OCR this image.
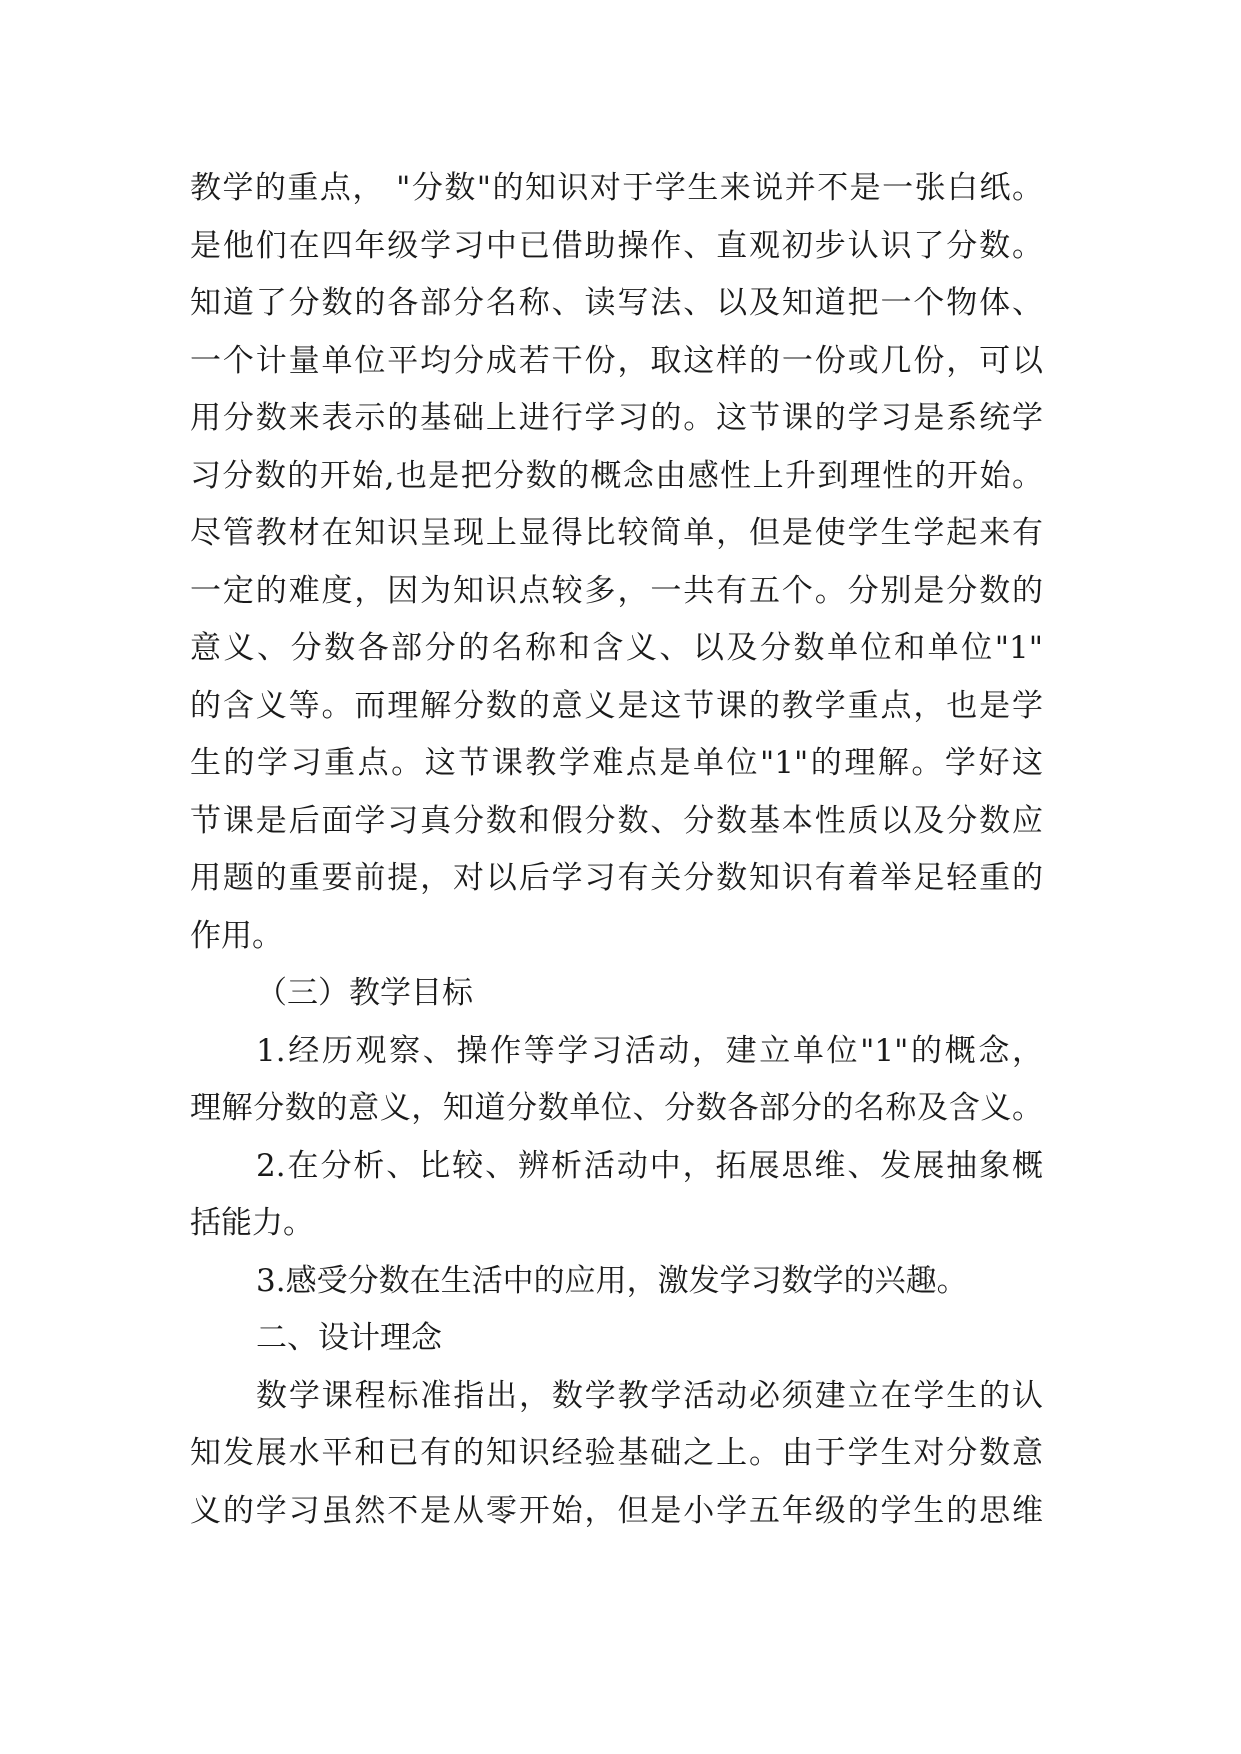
教学的重点， "分数"的知识对于学生来说并不是一张白纸。
是他们在四年级学习中已借助操作、直观初步认识了分数。
知道了分数的各部分名称、读写法、以及知道把一个物体、
一个计量单位平均分成若干份，取这样的一份或几份，可以
用分数来表示的基础上进行学习的。这节课的学习是系统学
习分数的开始,也是把分数的概念由感性上升到理性的开始。
尽管教材在知识呈现上显得比较简单，但是使学生学起来有
一定的难度，因为知识点较多，一共有五个。分别是分数的
意义、分数各部分的名称和含义、以及分数单位和单位"1"
的含义等。而理解分数的意义是这节课的教学重点，也是学
生的学习重点。这节课教学难点是单位"1"的理解。学好这
节课是后面学习真分数和假分数、分数基本性质以及分数应
用题的重要前提，对以后学习有关分数知识有着举足轻重的
作用。
（三）教学目标
1.经历观察、操作等学习活动，建立单位"1"的概念，
理解分数的意义，知道分数单位、分数各部分的名称及含义。
2.在分析、比较、辨析活动中，拓展思维、发展抽象概
括能力。
3.感受分数在生活中的应用，激发学习数学的兴趣。
二、设计理念
数学课程标准指出，数学教学活动必须建立在学生的认
知发展水平和已有的知识经验基础之上。由于学生对分数意
义的学习虽然不是从零开始，但是小学五年级的学生的思维
